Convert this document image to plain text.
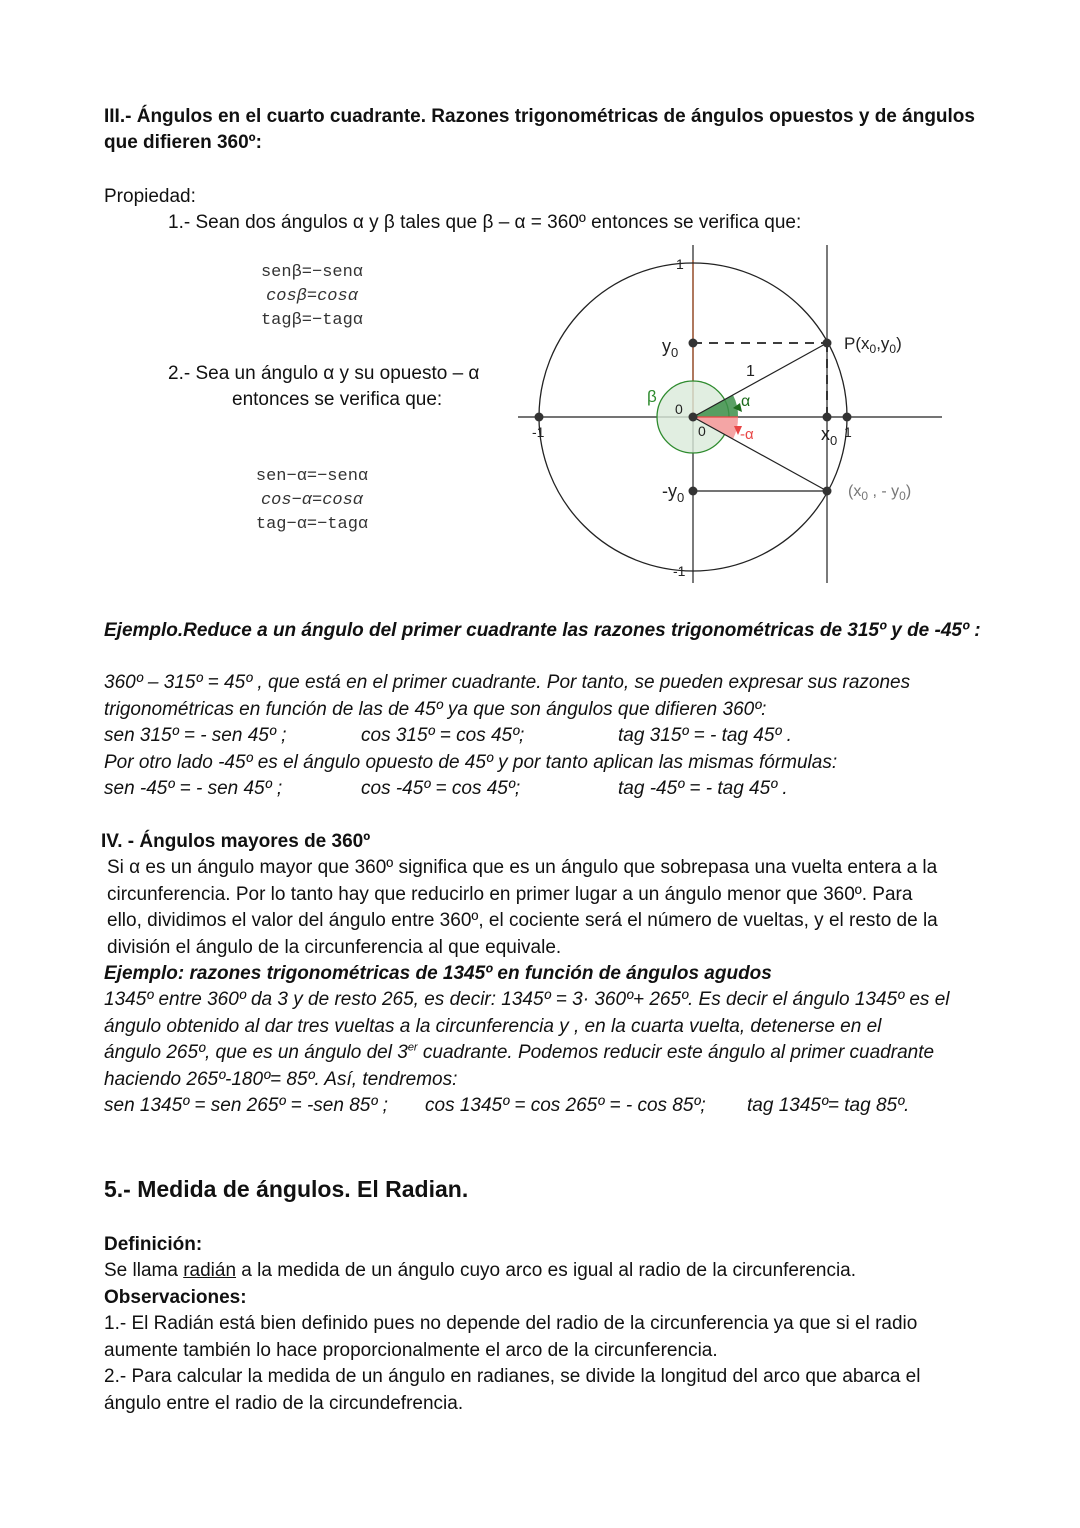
III.- Ángulos en el cuarto cuadrante. Razones trigonométricas de ángulos opuestos y de ángulos
que difieren 360º:
Propiedad:
1.- Sean dos ángulos α y β tales que β – α = 360º entonces se verifica que:
senβ=−senα
cosβ=cosα
tagβ=−tagα
2.- Sea un ángulo α y su opuesto – α
entonces se verifica que:
sen−α=−senα
cos−α=cosα
tag−α=−tagα
1
-1
-1	1
$y_0$
$-y_0$
$x_0$
0
0
1
α
-α
β
$P(x_0,y_0)$
($x_0$ , - $y_0$)
Ejemplo.Reduce a un ángulo del primer cuadrante las razones trigonométricas de 315º y de -45º :
360º – 315º = 45º , que está en el primer cuadrante. Por tanto, se pueden expresar sus razones
trigonométricas en función de las de 45º ya que son ángulos que difieren 360º:
sen 315º = - sen 45º ;	cos 315º = cos 45º;	tag 315º = - tag 45º .
Por otro lado -45º es el ángulo opuesto de 45º y por tanto aplican las mismas fórmulas:
sen -45º = - sen 45º ;	cos -45º = cos 45º;	tag -45º = - tag 45º .
IV. - Ángulos mayores de 360º
Si α es un ángulo mayor que 360º significa que es un ángulo que sobrepasa una vuelta entera a la
circunferencia. Por lo tanto hay que reducirlo en primer lugar a un ángulo menor que 360º. Para
ello, dividimos el valor del ángulo entre 360º, el cociente será el número de vueltas, y el resto de la
división el ángulo de la circunferencia al que equivale.
Ejemplo: razones trigonométricas de 1345º en función de ángulos agudos
1345º entre 360º da 3 y de resto 265, es decir: 1345º = 3· 360º+ 265º. Es decir el ángulo 1345º es el
ángulo obtenido al dar tres vueltas a la circunferencia y , en la cuarta vuelta, detenerse en el
ángulo 265º, que es un ángulo del 3er cuadrante. Podemos reducir este ángulo al primer cuadrante
haciendo 265º-180º= 85º. Así, tendremos:
sen 1345º = sen 265º = -sen 85º ; cos 1345º = cos 265º = - cos 85º; tag 1345º= tag 85º.
5.- Medida de ángulos. El Radian.
Definición:
Se llama radián a la medida de un ángulo cuyo arco es igual al radio de la circunferencia.
Observaciones:
1.- El Radián está bien definido pues no depende del radio de la circunferencia ya que si el radio
aumente también lo hace proporcionalmente el arco de la circunferencia.
2.- Para calcular la medida de un ángulo en radianes, se divide la longitud del arco que abarca el
ángulo entre el radio de la circundefrencia.
